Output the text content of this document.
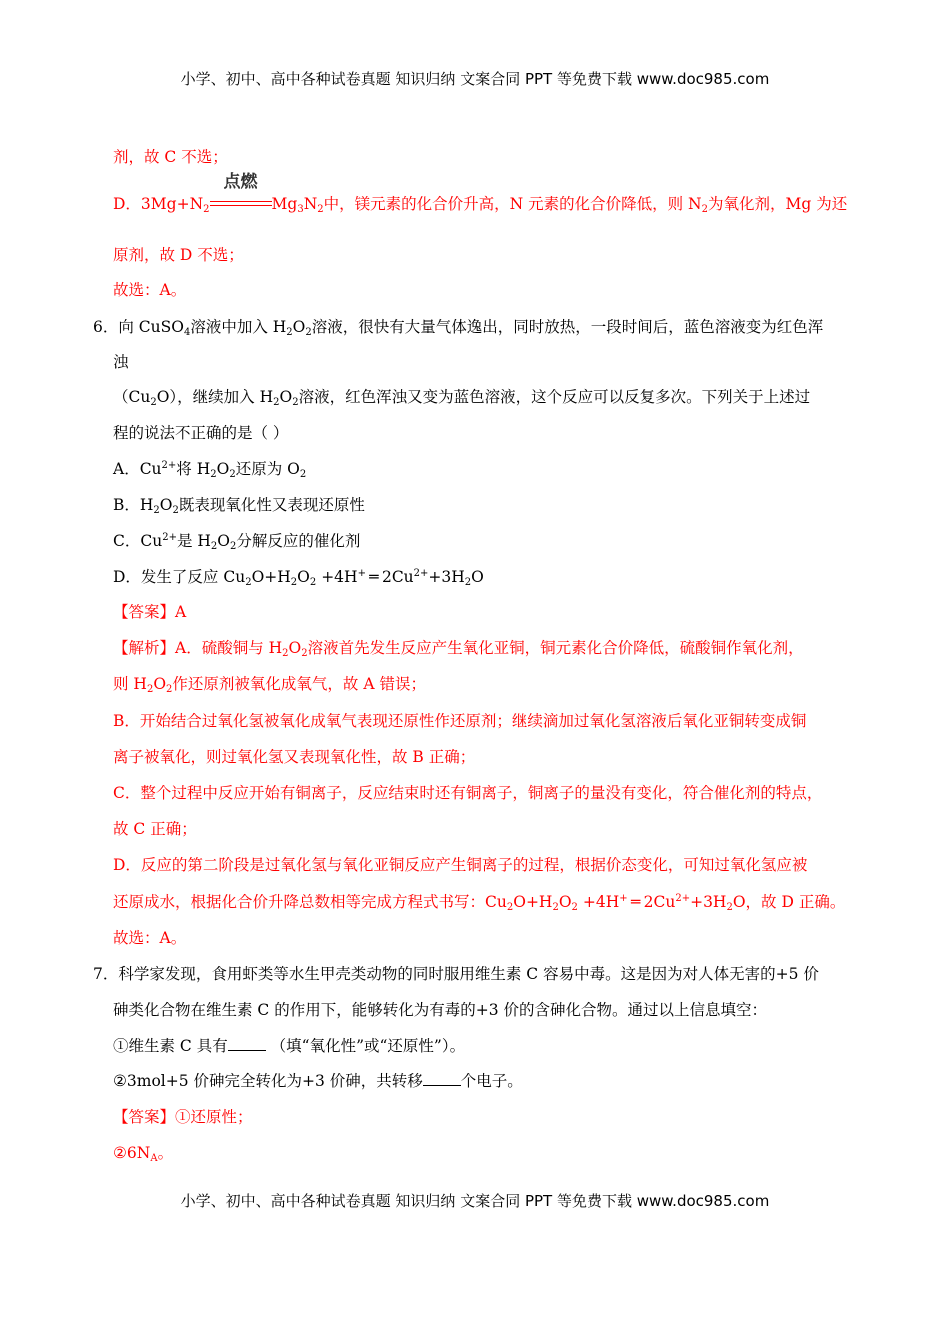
小学、初中、高中各种试卷真题 知识归纳 文案合同 PPT 等免费下载 www.doc985.com
剂，故 C 不选；
D．$3Mg+N_2$
点燃
$Mg_3N_2$中，镁元素的化合价升高，N 元素的化合价降低，则 $N_2$为氧化剂，Mg 为还
原剂，故 D 不选；
故选：A。
6．向 CuSO$_4$溶液中加入 $H_2O_2$溶液，很快有大量气体逸出，同时放热，一段时间后，蓝色溶液变为红色浑
浊
$(Cu_2O)$，继续加入 $H_2O_2$溶液，红色浑浊又变为蓝色溶液，这个反应可以反复多次。下列关于上述过
程的说法不正确的是（ ）
A．$Cu^{2+}$将 $H_2O_2$还原为 $O_2$
B．$H_2O_2$既表现氧化性又表现还原性
C．$Cu^{2+}$是 $H_2O_2$分解反应的催化剂
D．发生了反应 $Cu_2O+H_2O_2 +4H^+$ ═ $2Cu^{2+}+3H_2O$
【答案】A
【解析】A．硫酸铜与 $H_2O_2$溶液首先发生反应产生氧化亚铜，铜元素化合价降低，硫酸铜作氧化剂，
则 $H_2O_2$作还原剂被氧化成氧气，故 A 错误；
B．开始结合过氧化氢被氧化成氧气表现还原性作还原剂；继续滴加过氧化氢溶液后氧化亚铜转变成铜
离子被氧化，则过氧化氢又表现氧化性，故 B 正确；
C．整个过程中反应开始有铜离子，反应结束时还有铜离子，铜离子的量没有变化，符合催化剂的特点，
故 C 正确；
D．反应的第二阶段是过氧化氢与氧化亚铜反应产生铜离子的过程，根据价态变化，可知过氧化氢应被
还原成水，根据化合价升降总数相等完成方程式书写：$Cu_2O+H_2O_2 +4H^+$ ═ $2Cu^{2+}+3H_2O$，故 D 正确。
故选：A。
7．科学家发现，食用虾类等水生甲壳类动物的同时服用维生素 C 容易中毒。这是因为对人体无害的+5 价
砷类化合物在维生素 C 的作用下，能够转化为有毒的+3 价的含砷化合物。通过以上信息填空：
①维生素 C 具有	（填“氧化性”或“还原性”）。
②3mol+5 价砷完全转化为+3 价砷，共转移 个电子。
【答案】①还原性；
$②6N_A$。
小学、初中、高中各种试卷真题 知识归纳 文案合同 PPT 等免费下载 www.doc985.com
